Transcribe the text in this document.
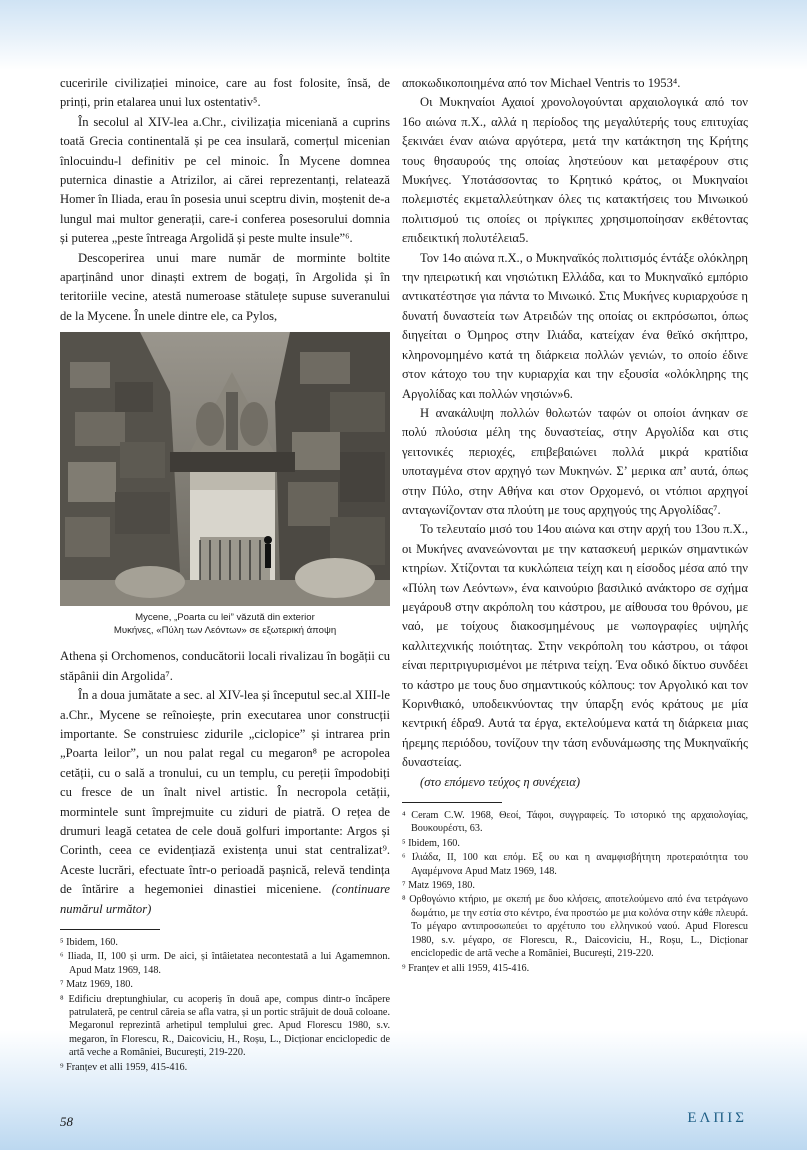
cuceririle civilizației minoice, care au fost folosite, însă, de prinți, prin etalarea unui lux ostentativ⁵.

În secolul al XIV-lea a.Chr., civilizația miceniană a cuprins toată Grecia continentală și pe cea insulară, comerțul micenian înlocuindu-l definitiv pe cel minoic. În Mycene domnea puternica dinastie a Atrizilor, ai cărei reprezentanți, relatează Homer în Iliada, erau în posesia unui sceptru divin, moștenit de-a lungul mai multor generații, care-i conferea posesorului domnia și puterea „peste întreaga Argolidă și peste multe insule”⁶.

Descoperirea unui mare număr de morminte boltite aparținând unor dinaști extrem de bogați, în Argolida și în teritoriile vecine, atestă numeroase stătulețe supuse suveranului de la Mycene. În unele dintre ele, ca Pylos,

Mycene, „Poarta cu lei” văzută din exterior
Μυκήνες, «Πύλη των Λεόντων» σε εξωτερική άποψη

Athena și Orchomenos, conducătorii locali rivalizau în bogății cu stăpânii din Argolida⁷.

În a doua jumătate a sec. al XIV-lea și începutul sec.al XIII-le a.Chr., Mycene se reînoiește, prin executarea unor construcții importante. Se construiesc zidurile „ciclopice” și intrarea prin „Poarta leilor”, un nou palat regal cu megaron⁸ pe acropolea cetății, cu o sală a tronului, cu un templu, cu pereții împodobiți cu fresce de un înalt nivel artistic. În necropola cetății, mormintele sunt împrejmuite cu ziduri de piatră. O rețea de drumuri leagă cetatea de cele două golfuri importante: Argos și Corinth, ceea ce evidențiază existența unui stat centralizat⁹. Aceste lucrări, efectuate într-o perioadă pașnică, relevă tendința de întărire a hegemoniei dinastiei miceniene. (continuare numărul următor)

⁵ Ibidem, 160.
⁶ Iliada, II, 100 și urm. De aici, și întâietatea necontestată a lui Agamemnon. Apud Matz 1969, 148.
⁷ Matz 1969, 180.
⁸ Edificiu dreptunghiular, cu acoperiș în două ape, compus dintr-o încăpere patrulateră, pe centrul căreia se afla vatra, și un portic străjuit de două coloane. Megaronul reprezintă arhetipul templului grec. Apud Florescu 1980, s.v. megaron, în Florescu, R., Daicoviciu, H., Roșu, L., Dicționar enciclopedic de artă veche a României, București, 219-220.
⁹ Franțev et alli 1959, 415-416.

αποκωδικοποιημένα από τον Michael Ventris το 1953⁴.

Οι Μυκηναίοι Αχαιοί χρονολογούνται αρχαιολογικά από τον 16ο αιώνα π.Χ., αλλά η περίοδος της μεγαλύτερής τους επιτυχίας ξεκινάει έναν αιώνα αργότερα, μετά την κατάκτηση της Κρήτης τους θησαυρούς της οποίας ληστεύουν και μεταφέρουν στις Μυκήνες. Υποτάσσοντας το Κρητικό κράτος, οι Μυκηναίοι πολεμιστές εκμεταλλεύτηκαν όλες τις κατακτήσεις του Μινωικού πολιτισμού τις οποίες οι πρίγκιπες χρησιμοποίησαν εκθέτοντας επιδεικτική πολυτέλεια5.

Τον 14ο αιώνα π.Χ., ο Μυκηναϊκός πολιτισμός έντάξε ολόκληρη την ηπειρωτική και νησιώτικη Ελλάδα, και το Μυκηναϊκό εμπόριο αντικατέστησε για πάντα το Μινωικό. Στις Μυκήνες κυριαρχούσε η δυνατή δυναστεία των Ατρειδών της οποίας οι εκπρόσωποι, όπως διηγείται ο Όμηρος στην Ιλιάδα, κατείχαν ένα θεϊκό σκήπτρο, κληρονομημένο κατά τη διάρκεια πολλών γενιών, το οποίο έδινε στον κάτοχο του την κυριαρχία και την εξουσία «ολόκληρης της Αργολίδας και πολλών νησιών»6.

Η ανακάλυψη πολλών θολωτών ταφών οι οποίοι άνηκαν σε πολύ πλούσια μέλη της δυναστείας, στην Αργολίδα και στις γειτονικές περιοχές, επιβεβαιώνει πολλά μικρά κρατίδια υποταγμένα στον αρχηγό των Μυκηνών. Σ’ μερικα απ’ αυτά, όπως στην Πύλο, στην Αθήνα και στον Ορχομενό, οι ντόπιοι αρχηγοί ανταγωνίζονταν στα πλούτη με τους αρχηγούς της Αργολίδας⁷.

Το τελευταίο μισό του 14ου αιώνα και στην αρχή του 13ου π.Χ., οι Μυκήνες ανανεώνονται με την κατασκευή μερικών σημαντικών κτηρίων. Χτίζονται τα κυκλώπεια τείχη και η είσοδος μέσα από την «Πύλη των Λεόντων», ένα καινούριο βασιλικό ανάκτορο σε σχήμα μεγάρου8 στην ακρόπολη του κάστρου, με αίθουσα του θρόνου, με ναό, με τοίχους διακοσμημένους με νωπογραφίες υψηλής καλλιτεχνικής ποιότητας. Στην νεκρόπολη του κάστρου, οι τάφοι είναι περιτριγυρισμένοι με πέτρινα τείχη. Ένα οδικό δίκτυο συνδέει το κάστρο με τους δυο σημαντικούς κόλπους: τον Αργολικό και τον Κορινθιακό, υποδεικνύοντας την ύπαρξη ενός κράτους με μία κεντρική έδρα9. Αυτά τα έργα, εκτελούμενα κατά τη διάρκεια μιας ήρεμης περιόδου, τονίζουν την τάση ενδυνάμωσης της Μυκηναϊκής δυναστείας.

(στο επόμενο τεύχος η συνέχεια)

⁴ Ceram C.W. 1968, Θεοί, Τάφοι, συγγραφείς. Το ιστορικό της αρχαιολογίας, Βουκουρέστι, 63.
⁵ Ibidem, 160.
⁶ Ιλιάδα, II, 100 και επόμ. Εξ ου και η αναμφισβήτητη προτεραιότητα του Αγαμέμνονα Apud Matz 1969, 148.
⁷ Matz 1969, 180.
⁸ Ορθογώνιο κτήριο, με σκεπή με δυο κλήσεις, αποτελούμενο από ένα τετράγωνο δωμάτιο, με την εστία στο κέντρο, ένα προστώο με μια κολόνα στην κάθε πλευρά. Το μέγαρο αντιπροσωπεύει το αρχέτυπο του ελληνικού ναού. Apud Florescu 1980, s.v. μέγαρο, σε Florescu, R., Daicoviciu, H., Roșu, L., Dicționar enciclopedic de artă veche a României, București, 219-220.
⁹ Franțev et alli 1959, 415-416.
58	ΕΛΠΙΣ
